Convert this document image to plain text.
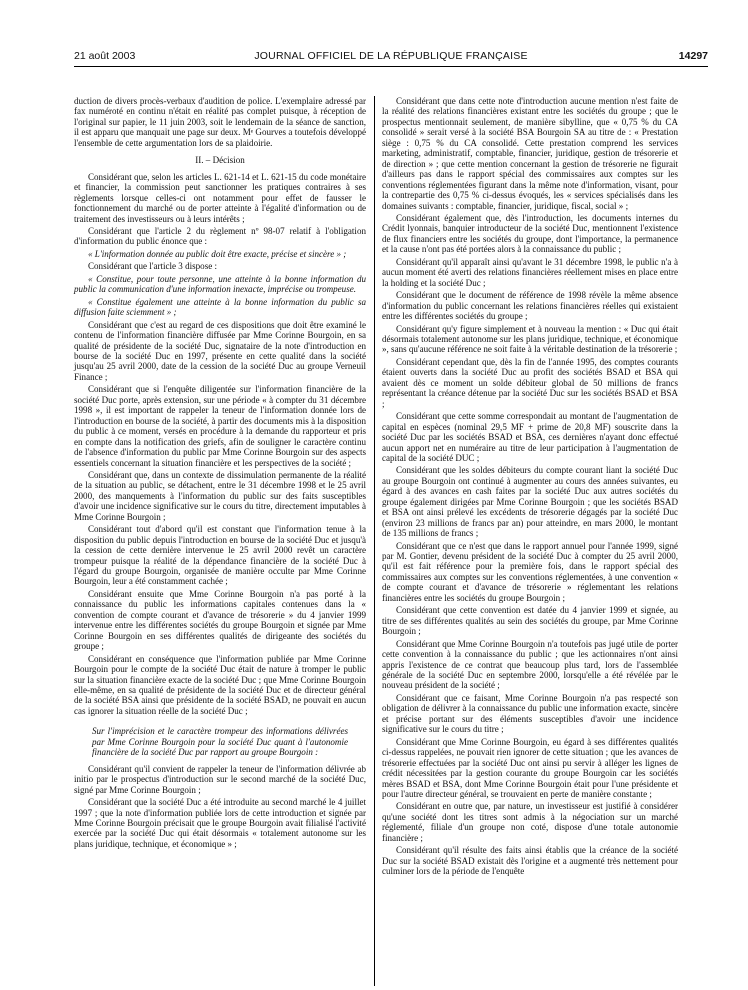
21 août 2003	JOURNAL OFFICIEL DE LA RÉPUBLIQUE FRANÇAISE	14297

duction de divers procès-verbaux d'audition de police. L'exemplaire adressé par fax numéroté en continu n'était en réalité pas complet puisque, à réception de l'original sur papier, le 11 juin 2003, soit le lendemain de la séance de sanction, il est apparu que manquait une page sur deux. Mᵉ Gourves a toutefois développé l'ensemble de cette argumentation lors de sa plaidoirie.

II. – Décision

Considérant que, selon les articles L. 621-14 et L. 621-15 du code monétaire et financier, la commission peut sanctionner les pratiques contraires à ses règlements lorsque celles-ci ont notamment pour effet de fausser le fonctionnement du marché ou de porter atteinte à l'égalité d'information ou de traitement des investisseurs ou à leurs intérêts ;

Considérant que l'article 2 du règlement nº 98-07 relatif à l'obligation d'information du public énonce que :

« L'information donnée au public doit être exacte, précise et sincère » ;

Considérant que l'article 3 dispose :

« Constitue, pour toute personne, une atteinte à la bonne information du public la communication d'une information inexacte, imprécise ou trompeuse.

« Constitue également une atteinte à la bonne information du public sa diffusion faite sciemment » ;

Considérant que c'est au regard de ces dispositions que doit être examiné le contenu de l'information financière diffusée par Mme Corinne Bourgoin, en sa qualité de présidente de la société Duc, signataire de la note d'introduction en bourse de la société Duc en 1997, présente en cette qualité dans la société jusqu'au 25 avril 2000, date de la cession de la société Duc au groupe Verneuil Finance ;

Considérant que si l'enquête diligentée sur l'information financière de la société Duc porte, après extension, sur une période « à compter du 31 décembre 1998 », il est important de rappeler la teneur de l'information donnée lors de l'introduction en bourse de la société, à partir des documents mis à la disposition du public à ce moment, versés en procédure à la demande du rapporteur et pris en compte dans la notification des griefs, afin de souligner le caractère continu de l'absence d'information du public par Mme Corinne Bourgoin sur des aspects essentiels concernant la situation financière et les perspectives de la société ;

Considérant que, dans un contexte de dissimulation permanente de la réalité de la situation au public, se détachent, entre le 31 décembre 1998 et le 25 avril 2000, des manquements à l'information du public sur des faits susceptibles d'avoir une incidence significative sur le cours du titre, directement imputables à Mme Corinne Bourgoin ;

Considérant tout d'abord qu'il est constant que l'information tenue à la disposition du public depuis l'introduction en bourse de la société Duc et jusqu'à la cession de cette dernière intervenue le 25 avril 2000 revêt un caractère trompeur puisque la réalité de la dépendance financière de la société Duc à l'égard du groupe Bourgoin, organisée de manière occulte par Mme Corinne Bourgoin, leur a été constamment cachée ;

Considérant ensuite que Mme Corinne Bourgoin n'a pas porté à la connaissance du public les informations capitales contenues dans la « convention de compte courant et d'avance de trésorerie » du 4 janvier 1999 intervenue entre les différentes sociétés du groupe Bourgoin et signée par Mme Corinne Bourgoin en ses différentes qualités de dirigeante des sociétés du groupe ;

Considérant en conséquence que l'information publiée par Mme Corinne Bourgoin pour le compte de la société Duc était de nature à tromper le public sur la situation financière exacte de la société Duc ; que Mme Corinne Bourgoin elle-même, en sa qualité de présidente de la société Duc et de directeur général de la société BSA ainsi que présidente de la société BSAD, ne pouvait en aucun cas ignorer la situation réelle de la société Duc ;

Sur l'imprécision et le caractère trompeur des informations délivrées par Mme Corinne Bourgoin pour la société Duc quant à l'autonomie financière de la société Duc par rapport au groupe Bourgoin :

Considérant qu'il convient de rappeler la teneur de l'information délivrée ab initio par le prospectus d'introduction sur le second marché de la société Duc, signé par Mme Corinne Bourgoin ;

Considérant que la société Duc a été introduite au second marché le 4 juillet 1997 ; que la note d'information publiée lors de cette introduction et signée par Mme Corinne Bourgoin précisait que le groupe Bourgoin avait filialisé l'activité exercée par la société Duc qui était désormais « totalement autonome sur les plans juridique, technique, et économique » ;

Considérant que dans cette note d'introduction aucune mention n'est faite de la réalité des relations financières existant entre les sociétés du groupe ; que le prospectus mentionnait seulement, de manière sibylline, que « 0,75 % du CA consolidé » serait versé à la société BSA Bourgoin SA au titre de : « Prestation siège : 0,75 % du CA consolidé. Cette prestation comprend les services marketing, administratif, comptable, financier, juridique, gestion de trésorerie et de direction » ; que cette mention concernant la gestion de trésorerie ne figurait d'ailleurs pas dans le rapport spécial des commissaires aux comptes sur les conventions réglementées figurant dans la même note d'information, visant, pour la contrepartie des 0,75 % ci-dessus évoqués, les « services spécialisés dans les domaines suivants : comptable, financier, juridique, fiscal, social » ;

Considérant également que, dès l'introduction, les documents internes du Crédit lyonnais, banquier introducteur de la société Duc, mentionnent l'existence de flux financiers entre les sociétés du groupe, dont l'importance, la permanence et la cause n'ont pas été portées alors à la connaissance du public ;

Considérant qu'il apparaît ainsi qu'avant le 31 décembre 1998, le public n'a à aucun moment été averti des relations financières réellement mises en place entre la holding et la société Duc ;

Considérant que le document de référence de 1998 révèle la même absence d'information du public concernant les relations financières réelles qui existaient entre les différentes sociétés du groupe ;

Considérant qu'y figure simplement et à nouveau la mention : « Duc qui était désormais totalement autonome sur les plans juridique, technique, et économique », sans qu'aucune référence ne soit faite à la véritable destination de la trésorerie ;

Considérant cependant que, dès la fin de l'année 1995, des comptes courants étaient ouverts dans la société Duc au profit des sociétés BSAD et BSA qui avaient dès ce moment un solde débiteur global de 50 millions de francs représentant la créance détenue par la société Duc sur les sociétés BSAD et BSA ;

Considérant que cette somme correspondait au montant de l'augmentation de capital en espèces (nominal 29,5 MF + prime de 20,8 MF) souscrite dans la société Duc par les sociétés BSAD et BSA, ces dernières n'ayant donc effectué aucun apport net en numéraire au titre de leur participation à l'augmentation de capital de la société DUC ;

Considérant que les soldes débiteurs du compte courant liant la société Duc au groupe Bourgoin ont continué à augmenter au cours des années suivantes, eu égard à des avances en cash faites par la société Duc aux autres sociétés du groupe également dirigées par Mme Corinne Bourgoin ; que les sociétés BSAD et BSA ont ainsi prélevé les excédents de trésorerie dégagés par la société Duc (environ 23 millions de francs par an) pour atteindre, en mars 2000, le montant de 135 millions de francs ;

Considérant que ce n'est que dans le rapport annuel pour l'année 1999, signé par M. Gontier, devenu président de la société Duc à compter du 25 avril 2000, qu'il est fait référence pour la première fois, dans le rapport spécial des commissaires aux comptes sur les conventions réglementées, à une convention « de compte courant et d'avance de trésorerie » réglementant les relations financières entre les sociétés du groupe Bourgoin ;

Considérant que cette convention est datée du 4 janvier 1999 et signée, au titre de ses différentes qualités au sein des sociétés du groupe, par Mme Corinne Bourgoin ;

Considérant que Mme Corinne Bourgoin n'a toutefois pas jugé utile de porter cette convention à la connaissance du public ; que les actionnaires n'ont ainsi appris l'existence de ce contrat que beaucoup plus tard, lors de l'assemblée générale de la société Duc en septembre 2000, lorsqu'elle a été révélée par le nouveau président de la société ;

Considérant que ce faisant, Mme Corinne Bourgoin n'a pas respecté son obligation de délivrer à la connaissance du public une information exacte, sincère et précise portant sur des éléments susceptibles d'avoir une incidence significative sur le cours du titre ;

Considérant que Mme Corinne Bourgoin, eu égard à ses différentes qualités ci-dessus rappelées, ne pouvait rien ignorer de cette situation ; que les avances de trésorerie effectuées par la société Duc ont ainsi pu servir à alléger les lignes de crédit nécessitées par la gestion courante du groupe Bourgoin car les sociétés mères BSAD et BSA, dont Mme Corinne Bourgoin était pour l'une présidente et pour l'autre directeur général, se trouvaient en perte de manière constante ;

Considérant en outre que, par nature, un investisseur est justifié à considérer qu'une société dont les titres sont admis à la négociation sur un marché réglementé, filiale d'un groupe non coté, dispose d'une totale autonomie financière ;

Considérant qu'il résulte des faits ainsi établis que la créance de la société Duc sur la société BSAD existait dès l'origine et a augmenté très nettement pour culminer lors de la période de l'enquête
